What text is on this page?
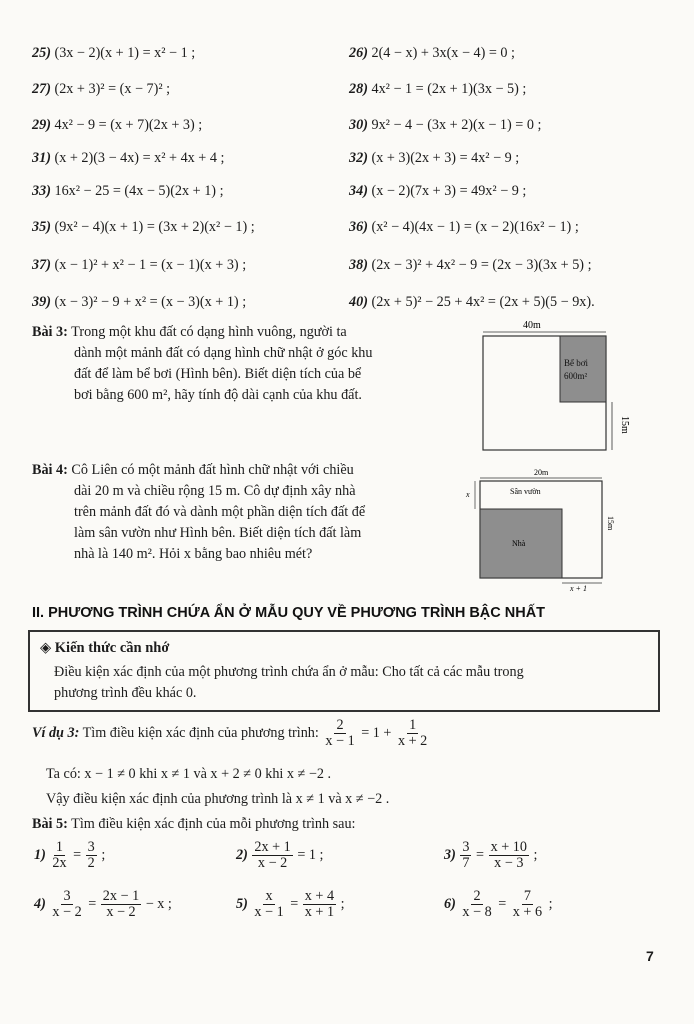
25) (3x − 2)(x + 1) = x² − 1 ;	26) 2(4 − x) + 3x(x − 4) = 0 ;
27) (2x + 3)² = (x − 7)² ;	28) 4x² − 1 = (2x + 1)(3x − 5) ;
29) 4x² − 9 = (x + 7)(2x + 3) ;	30) 9x² − 4 − (3x + 2)(x − 1) = 0 ;
31) (x + 2)(3 − 4x) = x² + 4x + 4 ;	32) (x + 3)(2x + 3) = 4x² − 9 ;
33) 16x² − 25 = (4x − 5)(2x + 1) ;	34) (x − 2)(7x + 3) = 49x² − 9 ;
35) (9x² − 4)(x + 1) = (3x + 2)(x² − 1) ;	36) (x² − 4)(4x − 1) = (x − 2)(16x² − 1) ;
37) (x − 1)² + x² − 1 = (x − 1)(x + 3) ;	38) (2x − 3)² + 4x² − 9 = (2x − 3)(3x + 5) ;
39) (x − 3)² − 9 + x² = (x − 3)(x + 1) ;	40) (2x + 5)² − 25 + 4x² = (2x + 5)(5 − 9x).
Bài 3: Trong một khu đất có dạng hình vuông, người ta
dành một mảnh đất có dạng hình chữ nhật ở góc khu
đất để làm bể bơi (Hình bên). Biết diện tích của bể
bơi bằng 600 m², hãy tính độ dài cạnh của khu đất.
40m
Bể bơi
600m²
15m
Bài 4: Cô Liên có một mảnh đất hình chữ nhật với chiều
dài 20 m và chiều rộng 15 m. Cô dự định xây nhà
trên mảnh đất đó và dành một phần diện tích đất để
làm sân vườn như Hình bên. Biết diện tích đất làm
nhà là 140 m². Hỏi x bằng bao nhiêu mét?
20m
Sân vườn
Nhà
x
x + 1
15m
II. PHƯƠNG TRÌNH CHỨA ẨN Ở MẪU QUY VỀ PHƯƠNG TRÌNH BẬC NHẤT
◈ Kiến thức cần nhớ
Điều kiện xác định của một phương trình chứa ẩn ở mẫu: Cho tất cả các mẫu trong
phương trình đều khác 0.
Ví dụ 3: Tìm điều kiện xác định của phương trình: $\frac{2}{x - 1} = 1 + \frac{1}{x + 2}$
Ta có: x − 1 ≠ 0 khi x ≠ 1 và x + 2 ≠ 0 khi x ≠ −2 .
Vậy điều kiện xác định của phương trình là x ≠ 1 và x ≠ −2 .
Bài 5: Tìm điều kiện xác định của mỗi phương trình sau:
$1) \frac{1}{2x} = \frac{3}{2}$ ;	$2) \frac{2x + 1}{x - 2} = 1$ ;	$3) \frac{3}{7} = \frac{x + 10}{x - 3}$ ;
$4) \frac{3}{x - 2} = \frac{2x - 1}{x - 2} - x$ ;	$5) \frac{x}{x - 1} = \frac{x + 4}{x + 1}$ ;	$6) \frac{2}{x - 8} = \frac{7}{x + 6}$ ;
7
